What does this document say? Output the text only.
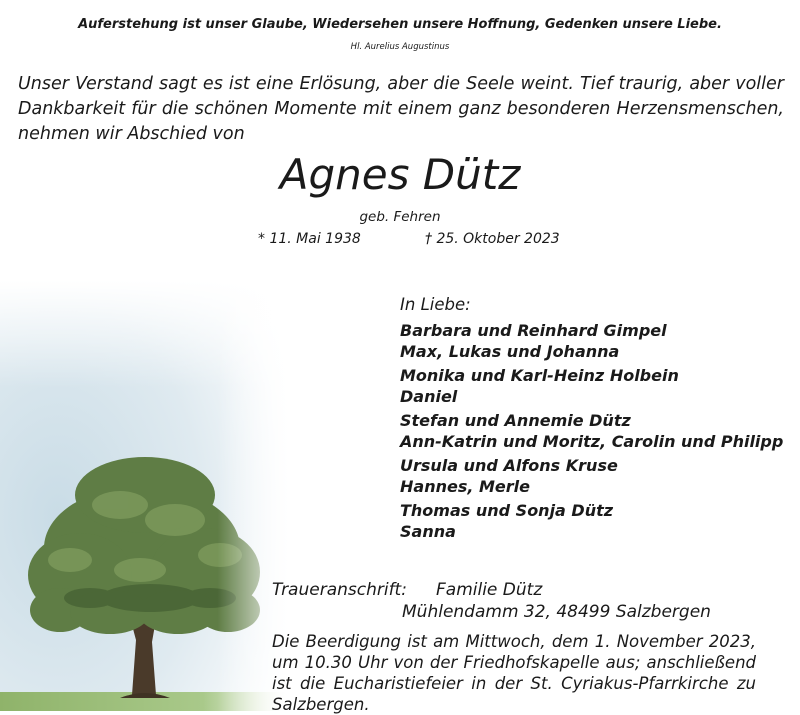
Auferstehung ist unser Glaube, Wiedersehen unsere Hoffnung, Gedenken unsere Liebe.
Hl. Aurelius Augustinus
Unser Verstand sagt es ist eine Erlösung, aber die Seele weint. Tief traurig, aber voller Dankbarkeit für die schönen Momente mit einem ganz besonderen Herzensmenschen, nehmen wir Abschied von
Agnes Dütz
geb. Fehren
* 11. Mai 1938	† 25. Oktober 2023
In Liebe:
Barbara und Reinhard Gimpel
Max, Lukas und Johanna
Monika und Karl-Heinz Holbein
Daniel
Stefan und Annemie Dütz
Ann-Katrin und Moritz, Carolin und Philipp
Ursula und Alfons Kruse
Hannes, Merle
Thomas und Sonja Dütz
Sanna
Traueranschrift: Familie Dütz
Mühlendamm 32, 48499 Salzbergen
Die Beerdigung ist am Mittwoch, dem 1. November 2023, um 10.30 Uhr von der Friedhofskapelle aus; anschließend ist die Eucharistiefeier in der St. Cyriakus-Pfarrkirche zu Salzbergen.
